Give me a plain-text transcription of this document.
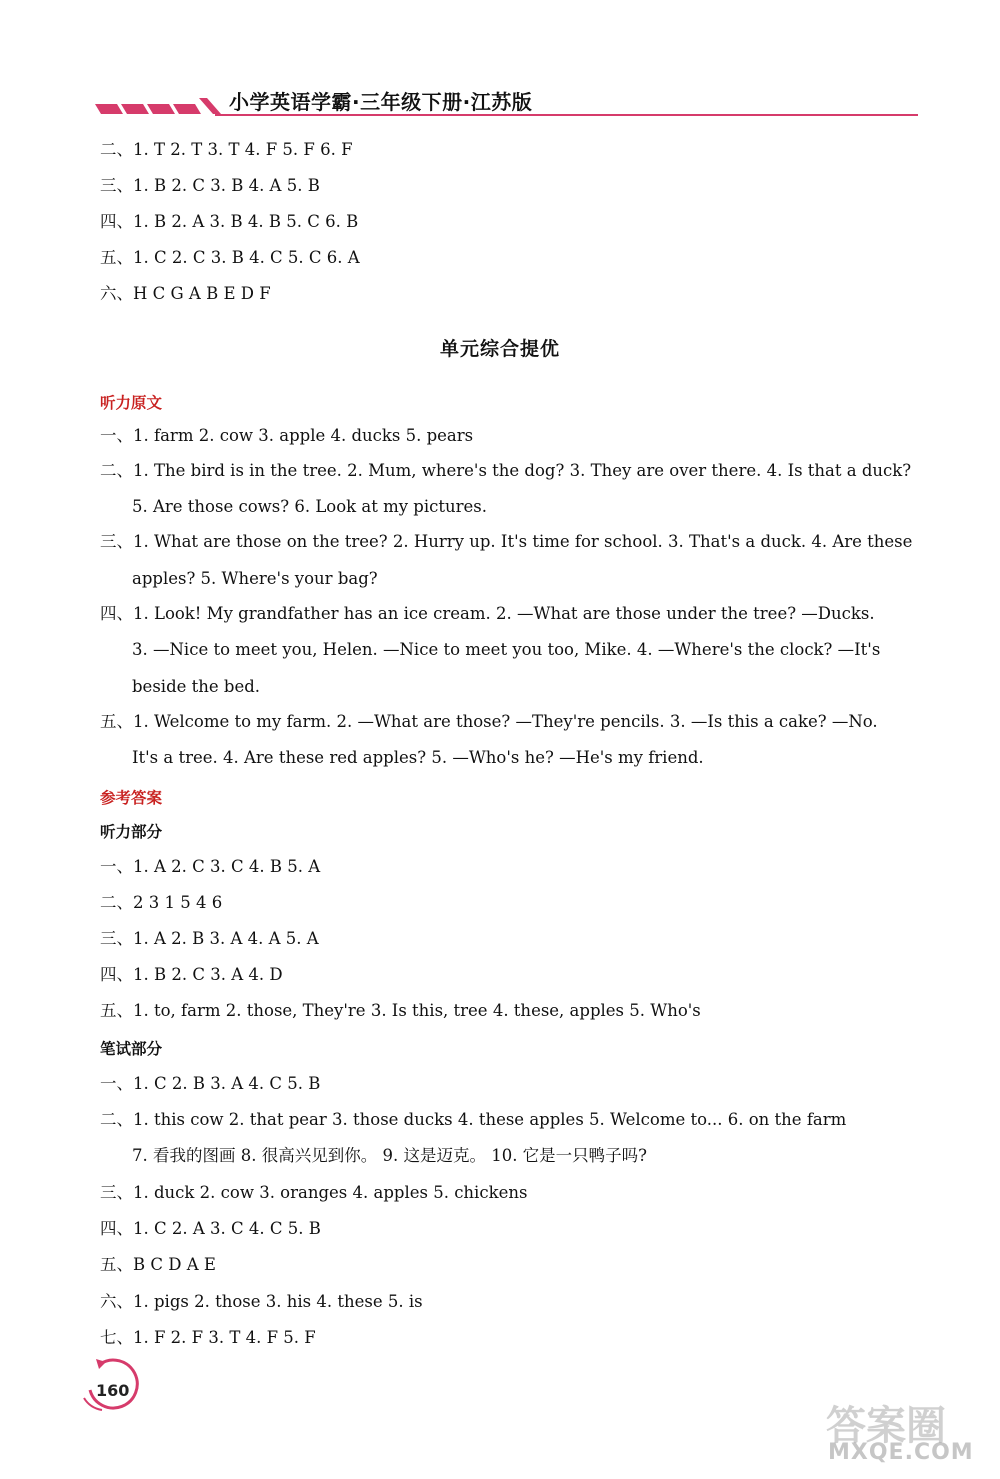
小学英语学霸·三年级下册·江苏版
二、1. T 2. T 3. T 4. F 5. F 6. F
三、1. B 2. C 3. B 4. A 5. B
四、1. B 2. A 3. B 4. B 5. C 6. B
五、1. C 2. C 3. B 4. C 5. C 6. A
六、H C G A B E D F
单元综合提优
听力原文
一、1. farm 2. cow 3. apple 4. ducks 5. pears
二、1. The bird is in the tree. 2. Mum, where's the dog? 3. They are over there. 4. Is that a duck?
5. Are those cows? 6. Look at my pictures.
三、1. What are those on the tree? 2. Hurry up. It's time for school. 3. That's a duck. 4. Are these
apples? 5. Where's your bag?
四、1. Look! My grandfather has an ice cream. 2. —What are those under the tree? —Ducks.
3. —Nice to meet you, Helen. —Nice to meet you too, Mike. 4. —Where's the clock? —It's
beside the bed.
五、1. Welcome to my farm. 2. —What are those? —They're pencils. 3. —Is this a cake? —No.
It's a tree. 4. Are these red apples? 5. —Who's he? —He's my friend.
参考答案
听力部分
一、1. A 2. C 3. C 4. B 5. A
二、2 3 1 5 4 6
三、1. A 2. B 3. A 4. A 5. A
四、1. B 2. C 3. A 4. D
五、1. to, farm 2. those, They're 3. Is this, tree 4. these, apples 5. Who's
笔试部分
一、1. C 2. B 3. A 4. C 5. B
二、1. this cow 2. that pear 3. those ducks 4. these apples 5. Welcome to... 6. on the farm
7. 看我的图画 8. 很高兴见到你。 9. 这是迈克。 10. 它是一只鸭子吗?
三、1. duck 2. cow 3. oranges 4. apples 5. chickens
四、1. C 2. A 3. C 4. C 5. B
五、B C D A E
六、1. pigs 2. those 3. his 4. these 5. is
七、1. F 2. F 3. T 4. F 5. F
160
答案圈
MXQE.COM
